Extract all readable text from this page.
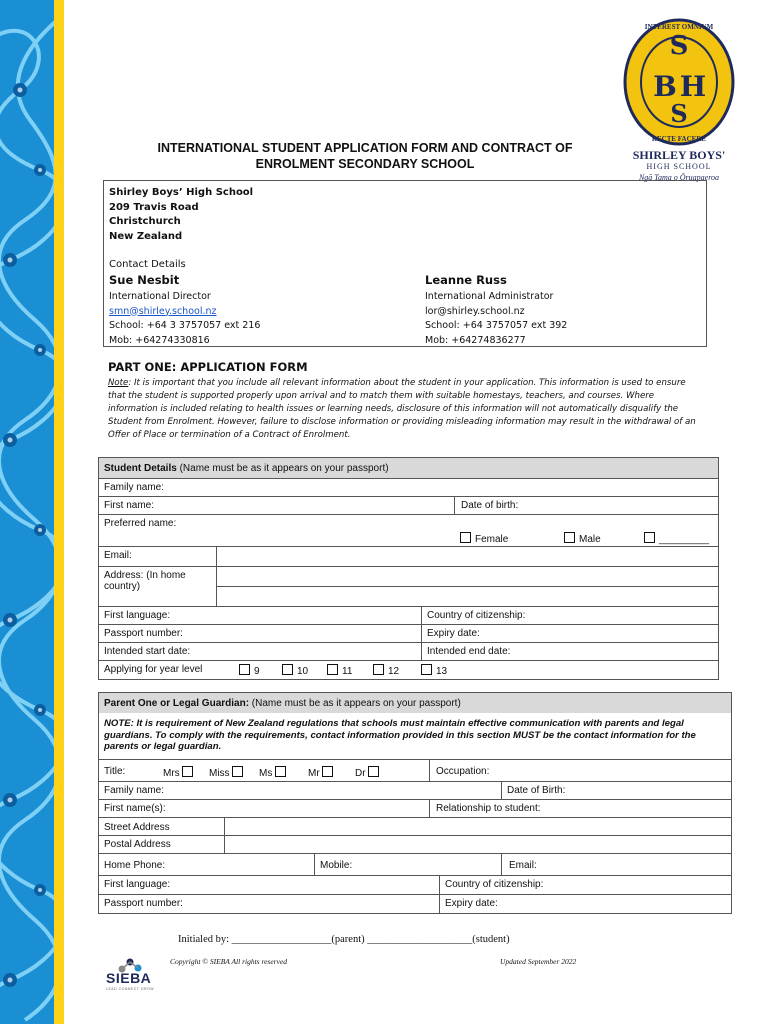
S
B H
S
INTEREST OMNIUM
RECTE FACERE
SHIRLEY BOYS'
HIGH SCHOOL
Ngā Tama o Ōruapaeroa
INTERNATIONAL STUDENT APPLICATION FORM AND CONTRACT OF
ENROLMENT SECONDARY SCHOOL
Shirley Boys’ High School
209 Travis Road
Christchurch
New Zealand
Contact Details
Sue Nesbit
International Director
smn@shirley.school.nz
School: +64 3 3757057 ext 216
Mob: +64274330816
Leanne Russ
International Administrator
lor@shirley.school.nz
School: +64 3757057 ext 392
Mob: +64274836277
PART ONE: APPLICATION FORM
Note: It is important that you include all relevant information about the student in your application. This information is used to ensure that the student is supported properly upon arrival and to match them with suitable homestays, teachers, and courses. Where information is included relating to health issues or learning needs, disclosure of this information will not automatically disqualify the Student from Enrolment. However, failure to disclose information or providing misleading information may result in the withdrawal of an Offer of Place or termination of a Contract of Enrolment.
Student Details (Name must be as it appears on your passport)
Family name:
First name:	Date of birth:
Preferred name:
Female	Male	_________
Email:
Address: (In home country)
First language:	Country of citizenship:
Passport number:	Expiry date:
Intended start date:	Intended end date:
Applying for year level	9	10	11	12	13
Parent One or Legal Guardian: (Name must be as it appears on your passport)
NOTE: It is requirement of New Zealand regulations that schools must maintain effective communication with parents and legal guardians. To comply with the requirements, contact information provided in this section MUST be the contact information for the parents or legal guardian.
Title:	Mrs	Miss	Ms	Mr	Dr	Occupation:
Family name:	Date of Birth:
First name(s):	Relationship to student:
Street Address
Postal Address
Home Phone:	Mobile:	Email:
First language:	Country of citizenship:
Passport number:	Expiry date:
Initialed by: ___________________(parent) ____________________(student)
Copyright © SIEBA All rights reserved	Updated September 2022
SIEBA
LEAD CONNECT GROW
